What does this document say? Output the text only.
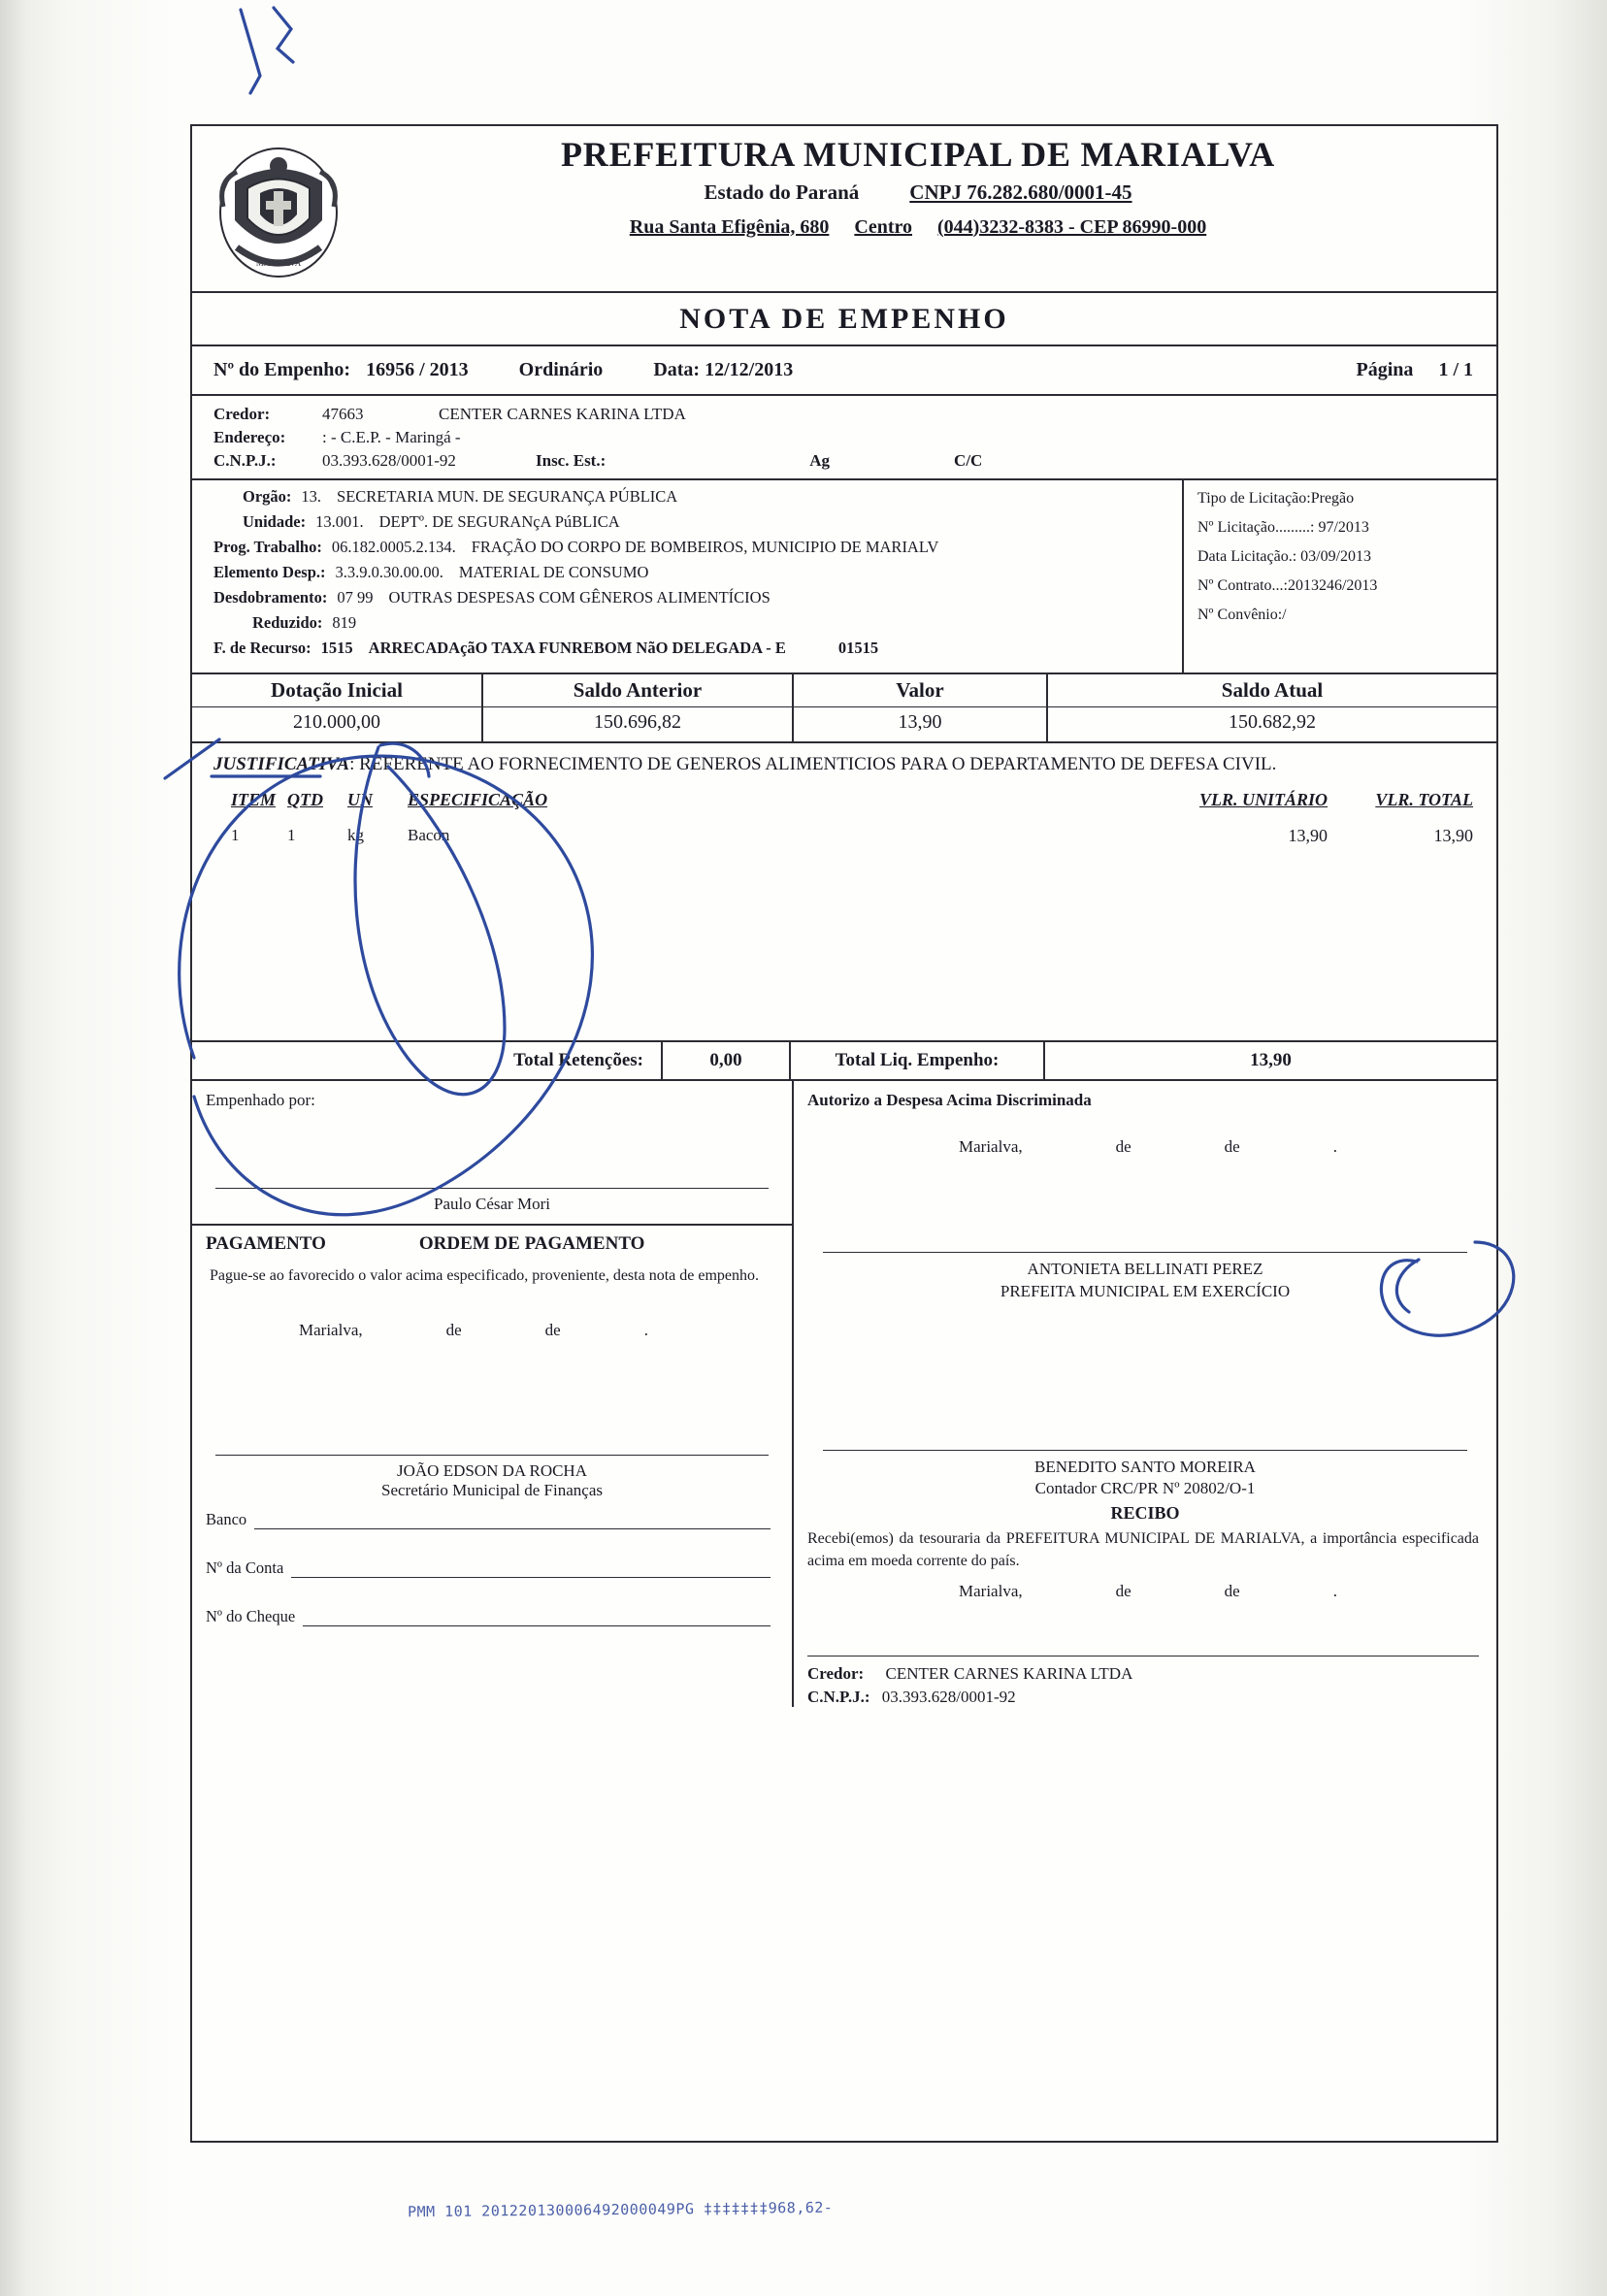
MARIALVA
PREFEITURA MUNICIPAL DE MARIALVA
Estado do Paraná CNPJ 76.282.680/0001-45
Rua Santa Efigênia, 680 Centro (044)3232-8383 - CEP 86990-000
NOTA DE EMPENHO
Nº do Empenho: 16956 / 2013	Ordinário	Data: 12/12/2013	Página 1 / 1
Credor:	47663	CENTER CARNES KARINA LTDA
Endereço:	: - C.E.P. - Maringá -
C.N.P.J.:	03.393.628/0001-92	Insc. Est.:	Ag	C/C
Orgão: 13. SECRETARIA MUN. DE SEGURANÇA PÚBLICA
Unidade: 13.001. DEPTº. DE SEGURANçA PúBLICA
Prog. Trabalho: 06.182.0005.2.134. FRAÇÃO DO CORPO DE BOMBEIROS, MUNICIPIO DE MARIALV
Elemento Desp.: 3.3.9.0.30.00.00. MATERIAL DE CONSUMO
Desdobramento: 07 99 OUTRAS DESPESAS COM GÊNEROS ALIMENTÍCIOS
Reduzido: 819
F. de Recurso: 1515 ARRECADAçãO TAXA FUNREBOM NãO DELEGADA - E	01515
Tipo de Licitação:Pregão
Nº Licitação.........: 97/2013
Data Licitação.: 03/09/2013
Nº Contrato...:2013246/2013
Nº Convênio:/
Dotação Inicial	Saldo Anterior	Valor	Saldo Atual
210.000,00	150.696,82	13,90	150.682,92
JUSTIFICATIVA: REFERENTE AO FORNECIMENTO DE GENEROS ALIMENTICIOS PARA O DEPARTAMENTO DE DEFESA CIVIL.
ITEM QTD	UN	ESPECIFICAÇÃO	VLR. UNITÁRIO	VLR. TOTAL
1	1	kg	Bacon	13,90	13,90
Total Retenções:	0,00	Total Liq. Empenho:	13,90
Empenhado por:
Paulo César Mori
PAGAMENTO	ORDEM DE PAGAMENTO
Pague-se ao favorecido o valor acima especificado, proveniente, desta nota de empenho.
Marialva,	de	de	.
JOÃO EDSON DA ROCHA
Secretário Municipal de Finanças
Banco
Nº da Conta
Nº do Cheque
Autorizo a Despesa Acima Discriminada
Marialva,	de	de	.
ANTONIETA BELLINATI PEREZ
PREFEITA MUNICIPAL EM EXERCÍCIO
BENEDITO SANTO MOREIRA
Contador CRC/PR Nº 20802/O-1
RECIBO
Recebi(emos) da tesouraria da PREFEITURA MUNICIPAL DE MARIALVA, a importância especificada acima em moeda corrente do país.
Marialva,	de	de	.
Credor: CENTER CARNES KARINA LTDA
C.N.P.J.: 03.393.628/0001-92
PMM 101 201220130006492000049PG ‡‡‡‡‡‡‡968,62-
